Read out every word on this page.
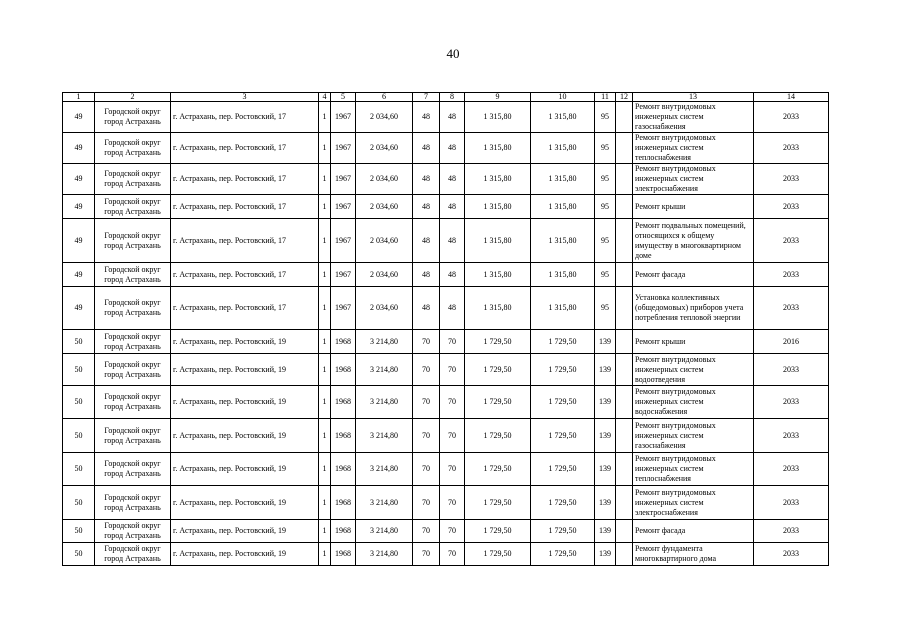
40
1	2	3	4	5	6	7	8	9	10	11	12	13	14
49	Городской округ город Астрахань	г. Астрахань, пер. Ростовский, 17	1	1967	2 034,60	48	48	1 315,80	1 315,80	95		Ремонт внутридомовых инженерных систем газоснабжения	2033
49	Городской округ город Астрахань	г. Астрахань, пер. Ростовский, 17	1	1967	2 034,60	48	48	1 315,80	1 315,80	95		Ремонт внутридомовых инженерных систем теплоснабжения	2033
49	Городской округ город Астрахань	г. Астрахань, пер. Ростовский, 17	1	1967	2 034,60	48	48	1 315,80	1 315,80	95		Ремонт внутридомовых инженерных систем электроснабжения	2033
49	Городской округ город Астрахань	г. Астрахань, пер. Ростовский, 17	1	1967	2 034,60	48	48	1 315,80	1 315,80	95		Ремонт крыши	2033
49	Городской округ город Астрахань	г. Астрахань, пер. Ростовский, 17	1	1967	2 034,60	48	48	1 315,80	1 315,80	95		Ремонт подвальных помещений, относящихся к общему имуществу в многоквартирном доме	2033
49	Городской округ город Астрахань	г. Астрахань, пер. Ростовский, 17	1	1967	2 034,60	48	48	1 315,80	1 315,80	95		Ремонт фасада	2033
49	Городской округ город Астрахань	г. Астрахань, пер. Ростовский, 17	1	1967	2 034,60	48	48	1 315,80	1 315,80	95		Установка коллективных (общедомовых) приборов учета потребления тепловой энергии	2033
50	Городской округ город Астрахань	г. Астрахань, пер. Ростовский, 19	1	1968	3 214,80	70	70	1 729,50	1 729,50	139		Ремонт крыши	2016
50	Городской округ город Астрахань	г. Астрахань, пер. Ростовский, 19	1	1968	3 214,80	70	70	1 729,50	1 729,50	139		Ремонт внутридомовых инженерных систем водоотведения	2033
50	Городской округ город Астрахань	г. Астрахань, пер. Ростовский, 19	1	1968	3 214,80	70	70	1 729,50	1 729,50	139		Ремонт внутридомовых инженерных систем водоснабжения	2033
50	Городской округ город Астрахань	г. Астрахань, пер. Ростовский, 19	1	1968	3 214,80	70	70	1 729,50	1 729,50	139		Ремонт внутридомовых инженерных систем газоснабжения	2033
50	Городской округ город Астрахань	г. Астрахань, пер. Ростовский, 19	1	1968	3 214,80	70	70	1 729,50	1 729,50	139		Ремонт внутридомовых инженерных систем теплоснабжения	2033
50	Городской округ город Астрахань	г. Астрахань, пер. Ростовский, 19	1	1968	3 214,80	70	70	1 729,50	1 729,50	139		Ремонт внутридомовых инженерных систем электроснабжения	2033
50	Городской округ город Астрахань	г. Астрахань, пер. Ростовский, 19	1	1968	3 214,80	70	70	1 729,50	1 729,50	139		Ремонт фасада	2033
50	Городской округ город Астрахань	г. Астрахань, пер. Ростовский, 19	1	1968	3 214,80	70	70	1 729,50	1 729,50	139		Ремонт фундамента многоквартирного дома	2033
